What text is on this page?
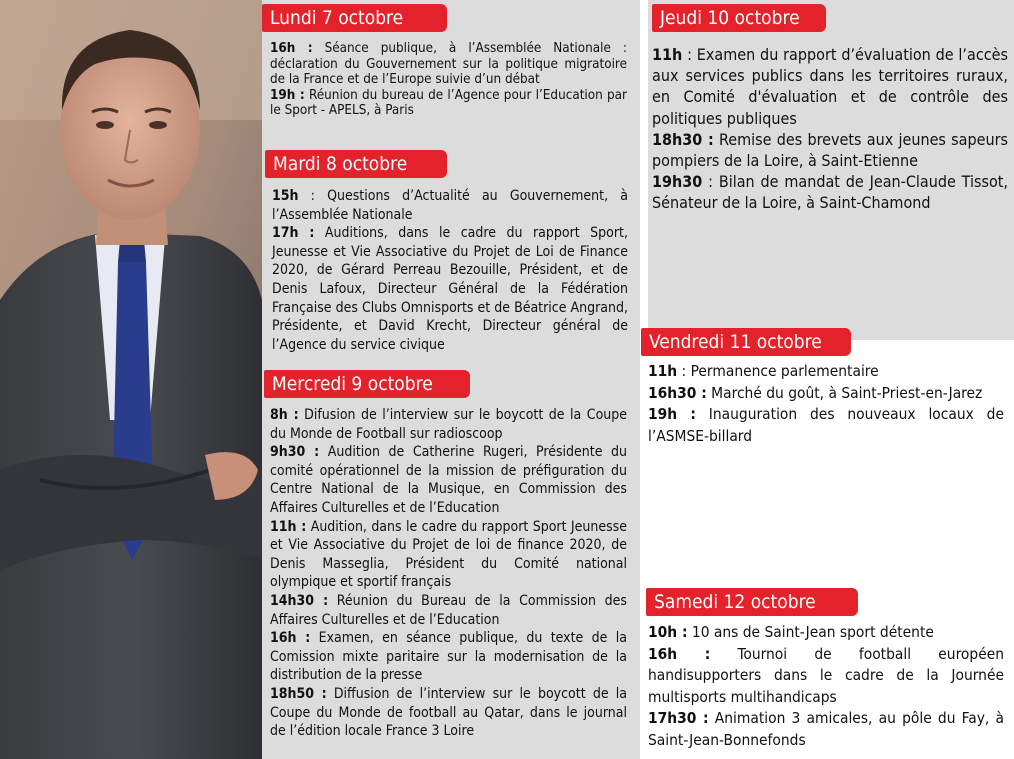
Lundi 7 octobre
16h : Séance publique, à l’Assemblée Nationale : déclaration du Gouvernement sur la politique migratoire de la France et de l’Europe suivie d’un débat
19h : Réunion du bureau de l’Agence pour l’Education par le Sport - APELS, à Paris
Mardi 8 octobre
15h : Questions d’Actualité au Gouvernement, à l’Assemblée Nationale
17h : Auditions, dans le cadre du rapport Sport, Jeunesse et Vie Associative du Projet de Loi de Finance 2020, de Gérard Perreau Bezouille, Président, et de Denis Lafoux, Directeur Général de la Fédération Française des Clubs Omnisports et de Béatrice Angrand, Présidente, et David Krecht, Directeur général de l’Agence du service civique
Mercredi 9 octobre
8h : Difusion de l’interview sur le boycott de la Coupe du Monde de Football sur radioscoop
9h30 : Audition de Catherine Rugeri, Présidente du comité opérationnel de la mission de préfiguration du Centre National de la Musique, en Commission des Affaires Culturelles et de l’Education
11h : Audition, dans le cadre du rapport Sport Jeunesse et Vie Associative du Projet de loi de finance 2020, de Denis Masseglia, Président du Comité national olympique et sportif français
14h30 : Réunion du Bureau de la Commission des Affaires Culturelles et de l’Education
16h : Examen, en séance publique, du texte de la Comission mixte paritaire sur la modernisation de la distribution de la presse
18h50 : Diffusion de l’interview sur le boycott de la Coupe du Monde de football au Qatar, dans le journal de l’édition locale France 3 Loire
Jeudi 10 octobre
11h : Examen du rapport d’évaluation de l’accès aux services publics dans les territoires ruraux, en Comité d'évaluation et de contrôle des politiques publiques
18h30 : Remise des brevets aux jeunes sapeurs pompiers de la Loire, à Saint-Etienne
19h30 : Bilan de mandat de Jean-Claude Tissot, Sénateur de la Loire, à Saint-Chamond
Vendredi 11 octobre
11h : Permanence parlementaire
16h30 : Marché du goût, à Saint-Priest-en-Jarez
19h : Inauguration des nouveaux locaux de l’ASMSE-billard
Samedi 12 octobre
10h : 10 ans de Saint-Jean sport détente
16h : Tournoi de football européen handisupporters dans le cadre de la Journée multisports multihandicaps
17h30 : Animation 3 amicales, au pôle du Fay, à Saint-Jean-Bonnefonds
